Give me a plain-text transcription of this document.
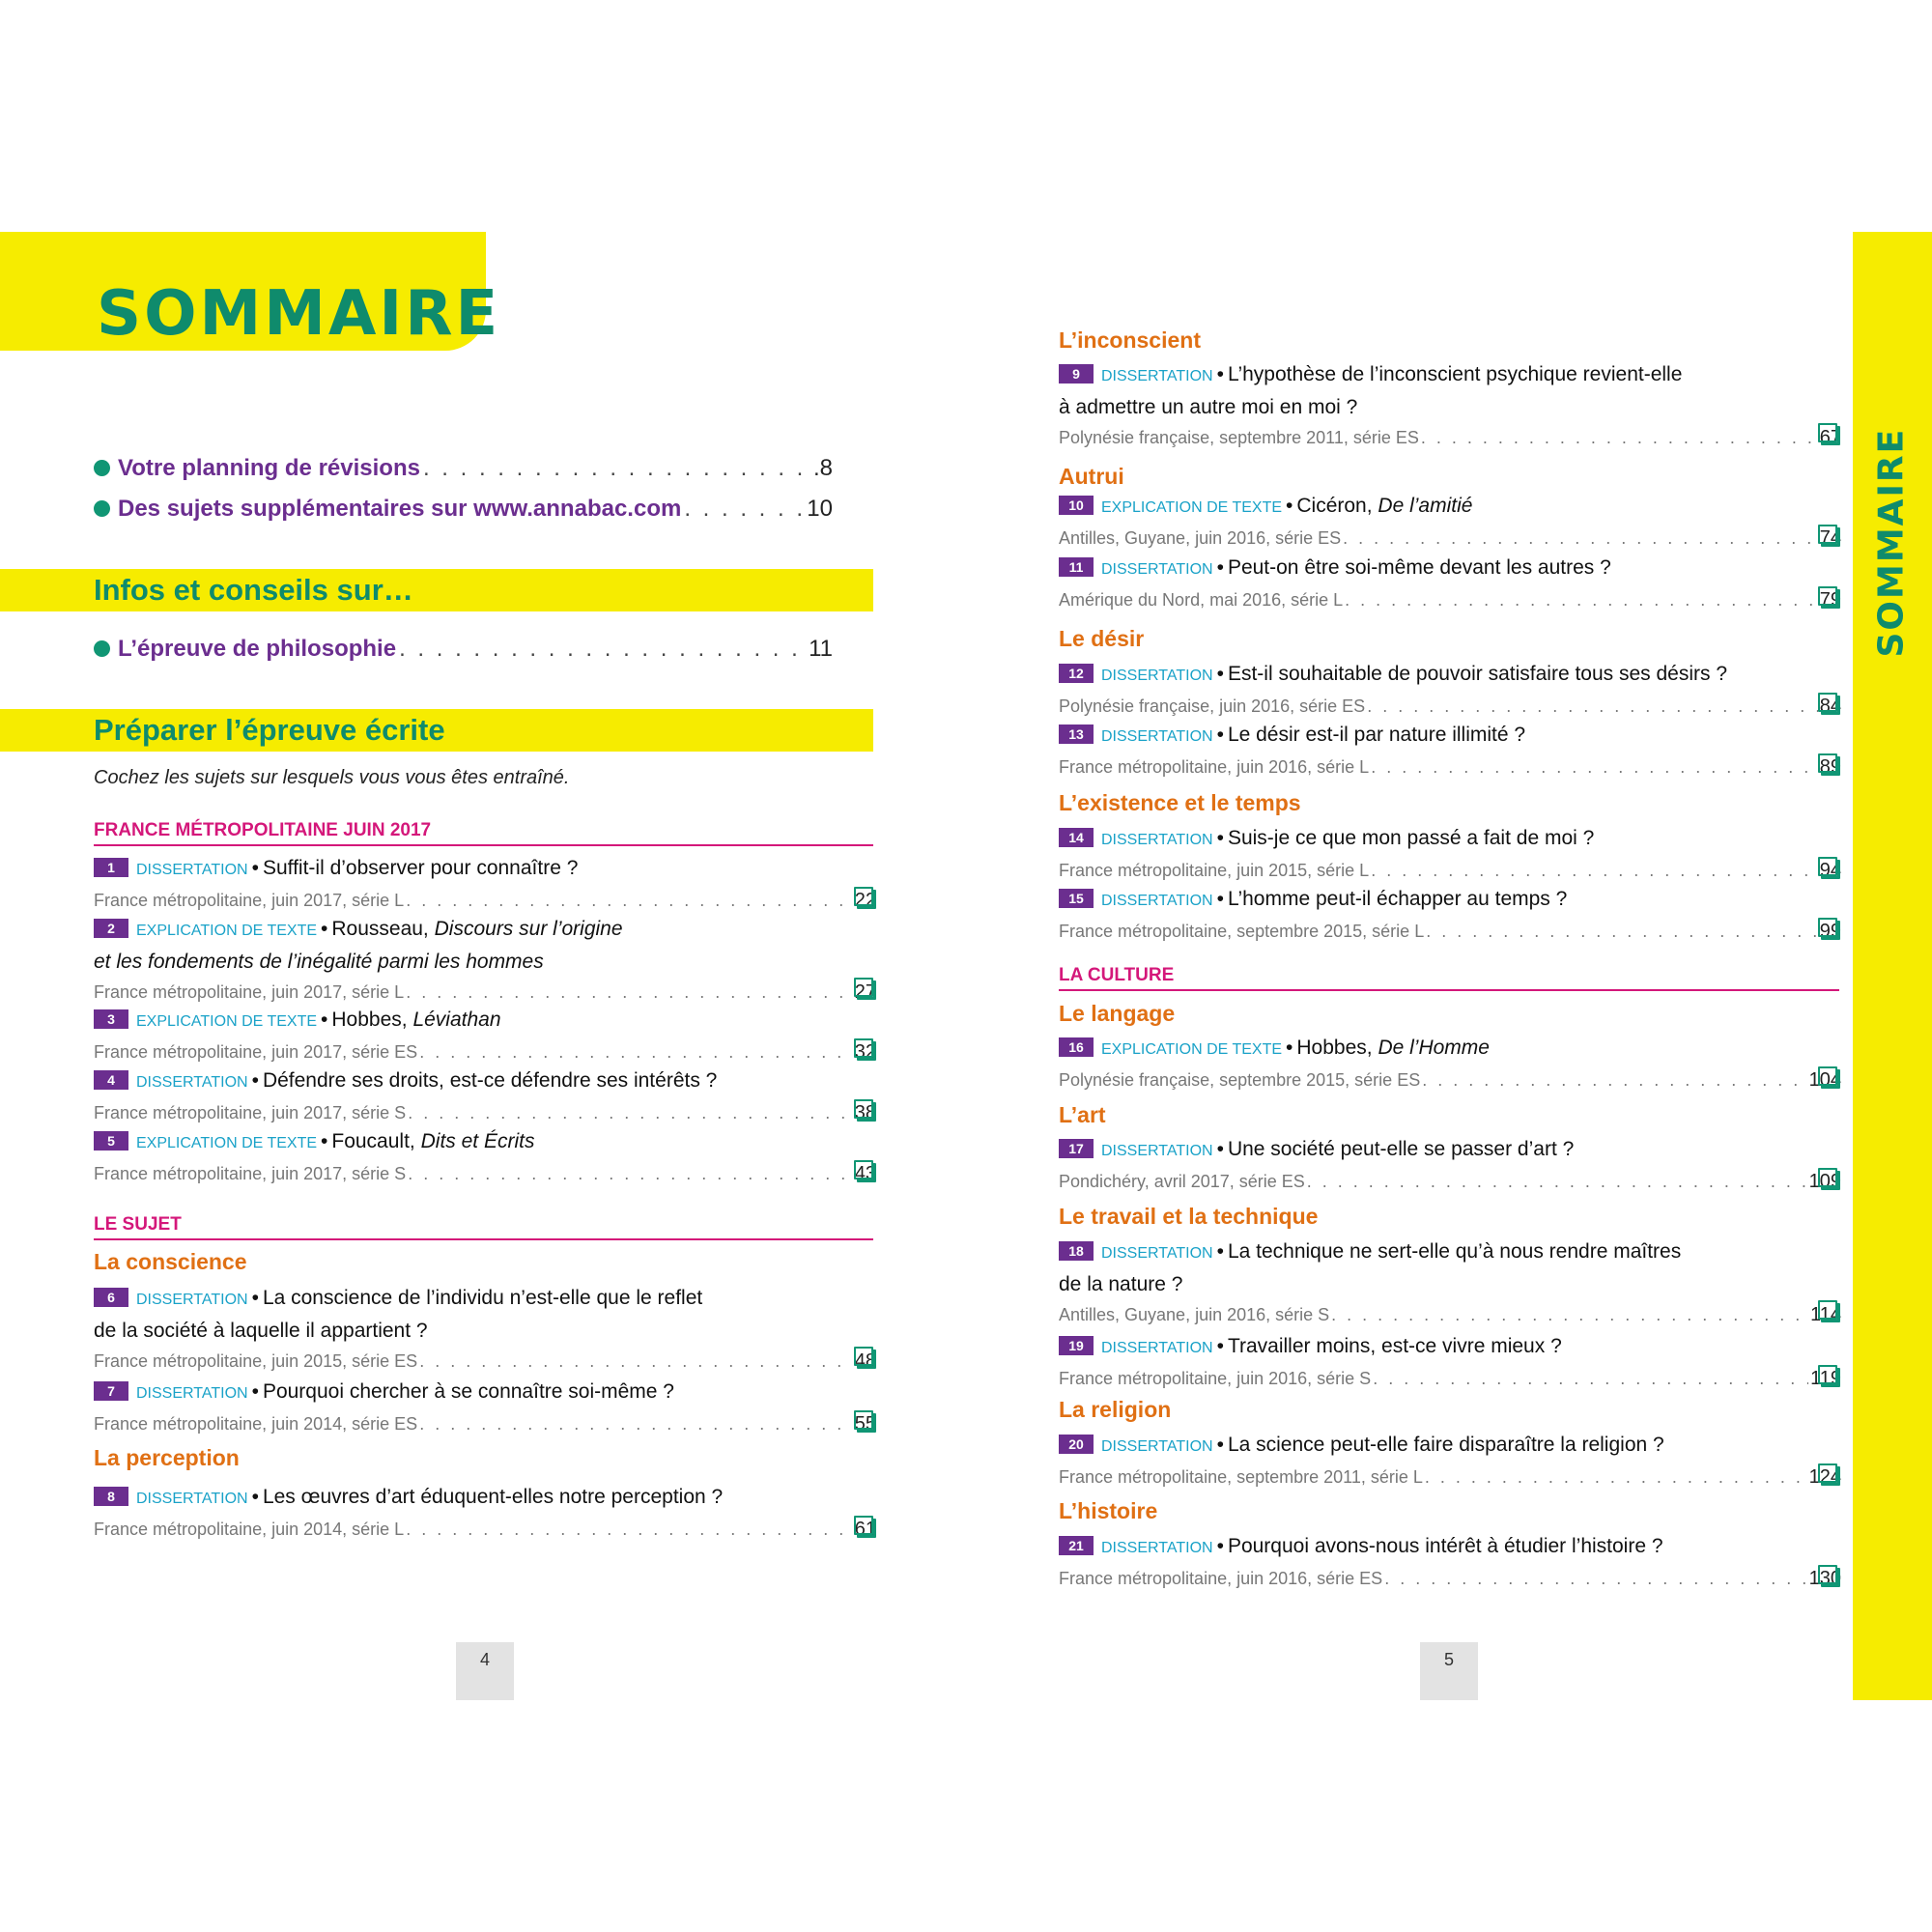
SOMMAIRE
Votre planning de révisions . . .	.8
Des sujets supplémentaires sur www.annabac.com . . .	10
Infos et conseils sur…
L’épreuve de philosophie . . .	11
Préparer l’épreuve écrite
Cochez les sujets sur lesquels vous vous êtes entraîné.
FRANCE MÉTROPOLITAINE JUIN 2017
LE SUJET
La conscience
La perception
4
1 DISSERTATION • Suffit-il d’observer pour connaître ?
France métropolitaine, juin 2017, série L . . .	22
2 EXPLICATION DE TEXTE • Rousseau, Discours sur l’origine
et les fondements de l’inégalité parmi les hommes
France métropolitaine, juin 2017, série L . . .	27
3 EXPLICATION DE TEXTE • Hobbes, Léviathan
France métropolitaine, juin 2017, série ES . . .	32
4 DISSERTATION • Défendre ses droits, est-ce défendre ses intérêts ?
France métropolitaine, juin 2017, série S . . .	38
5 EXPLICATION DE TEXTE • Foucault, Dits et Écrits
France métropolitaine, juin 2017, série S . . .	43
6 DISSERTATION • La conscience de l’individu n’est-elle que le reflet
de la société à laquelle il appartient ?
France métropolitaine, juin 2015, série ES . . .	48
7 DISSERTATION • Pourquoi chercher à se connaître soi-même ?
France métropolitaine, juin 2014, série ES . . .	55
8 DISSERTATION • Les œuvres d’art éduquent-elles notre perception ?
France métropolitaine, juin 2014, série L . . .	61
L’inconscient
Autrui
Le désir
L’existence et le temps
LA CULTURE
Le langage
L’art
Le travail et la technique
La religion
L’histoire
5
SOMMAIRE
9 DISSERTATION • L’hypothèse de l’inconscient psychique revient-elle
à admettre un autre moi en moi ?
Polynésie française, septembre 2011, série ES . . .	67
10 EXPLICATION DE TEXTE • Cicéron, De l’amitié
Antilles, Guyane, juin 2016, série ES . . .	74
11 DISSERTATION • Peut-on être soi-même devant les autres ?
Amérique du Nord, mai 2016, série L . . .	79
12 DISSERTATION • Est-il souhaitable de pouvoir satisfaire tous ses désirs ?
Polynésie française, juin 2016, série ES . . .	84
13 DISSERTATION • Le désir est-il par nature illimité ?
France métropolitaine, juin 2016, série L . . .	89
14 DISSERTATION • Suis-je ce que mon passé a fait de moi ?
France métropolitaine, juin 2015, série L . . .	94
15 DISSERTATION • L’homme peut-il échapper au temps ?
France métropolitaine, septembre 2015, série L . . .	99
16 EXPLICATION DE TEXTE • Hobbes, De l’Homme
Polynésie française, septembre 2015, série ES . . .	104
17 DISSERTATION • Une société peut-elle se passer d’art ?
Pondichéry, avril 2017, série ES . . .	109
18 DISSERTATION • La technique ne sert-elle qu’à nous rendre maîtres
de la nature ?
Antilles, Guyane, juin 2016, série S . . .	114
19 DISSERTATION • Travailler moins, est-ce vivre mieux ?
France métropolitaine, juin 2016, série S . . .	119
20 DISSERTATION • La science peut-elle faire disparaître la religion ?
France métropolitaine, septembre 2011, série L . . .	124
21 DISSERTATION • Pourquoi avons-nous intérêt à étudier l’histoire ?
France métropolitaine, juin 2016, série ES . . .	130
